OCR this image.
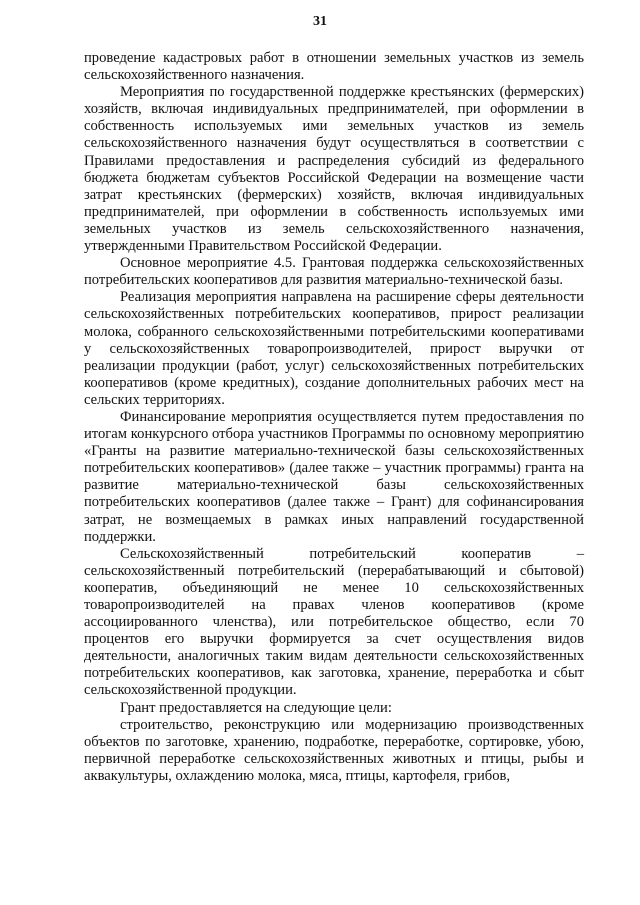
31

проведение кадастровых работ в отношении земельных участков из земель сельскохозяйственного назначения.

Мероприятия по государственной поддержке крестьянских (фермерских) хозяйств, включая индивидуальных предпринимателей, при оформлении в собственность используемых ими земельных участков из земель сельскохозяйственного назначения будут осуществляться в соответствии с Правилами предоставления и распределения субсидий из федерального бюджета бюджетам субъектов Российской Федерации на возмещение части затрат крестьянских (фермерских) хозяйств, включая индивидуальных предпринимателей, при оформлении в собственность используемых ими земельных участков из земель сельскохозяйственного назначения, утвержденными Правительством Российской Федерации.

Основное мероприятие 4.5. Грантовая поддержка сельскохозяйственных потребительских кооперативов для развития материально-технической базы.

Реализация мероприятия направлена на расширение сферы деятельности сельскохозяйственных потребительских кооперативов, прирост реализации молока, собранного сельскохозяйственными потребительскими кооперативами у сельскохозяйственных товаропроизводителей, прирост выручки от реализации продукции (работ, услуг) сельскохозяйственных потребительских кооперативов (кроме кредитных), создание дополнительных рабочих мест на сельских территориях.

Финансирование мероприятия осуществляется путем предоставления по итогам конкурсного отбора участников Программы по основному мероприятию «Гранты на развитие материально-технической базы сельскохозяйственных потребительских кооперативов» (далее также – участник программы) гранта на развитие материально-технической базы сельскохозяйственных потребительских кооперативов (далее также – Грант) для софинансирования затрат, не возмещаемых в рамках иных направлений государственной поддержки.

Сельскохозяйственный потребительский кооператив – сельскохозяйственный потребительский (перерабатывающий и сбытовой) кооператив, объединяющий не менее 10 сельскохозяйственных товаропроизводителей на правах членов кооперативов (кроме ассоциированного членства), или потребительское общество, если 70 процентов его выручки формируется за счет осуществления видов деятельности, аналогичных таким видам деятельности сельскохозяйственных потребительских кооперативов, как заготовка, хранение, переработка и сбыт сельскохозяйственной продукции.

Грант предоставляется на следующие цели:

строительство, реконструкцию или модернизацию производственных объектов по заготовке, хранению, подработке, переработке, сортировке, убою, первичной переработке сельскохозяйственных животных и птицы, рыбы и аквакультуры, охлаждению молока, мяса, птицы, картофеля, грибов,
